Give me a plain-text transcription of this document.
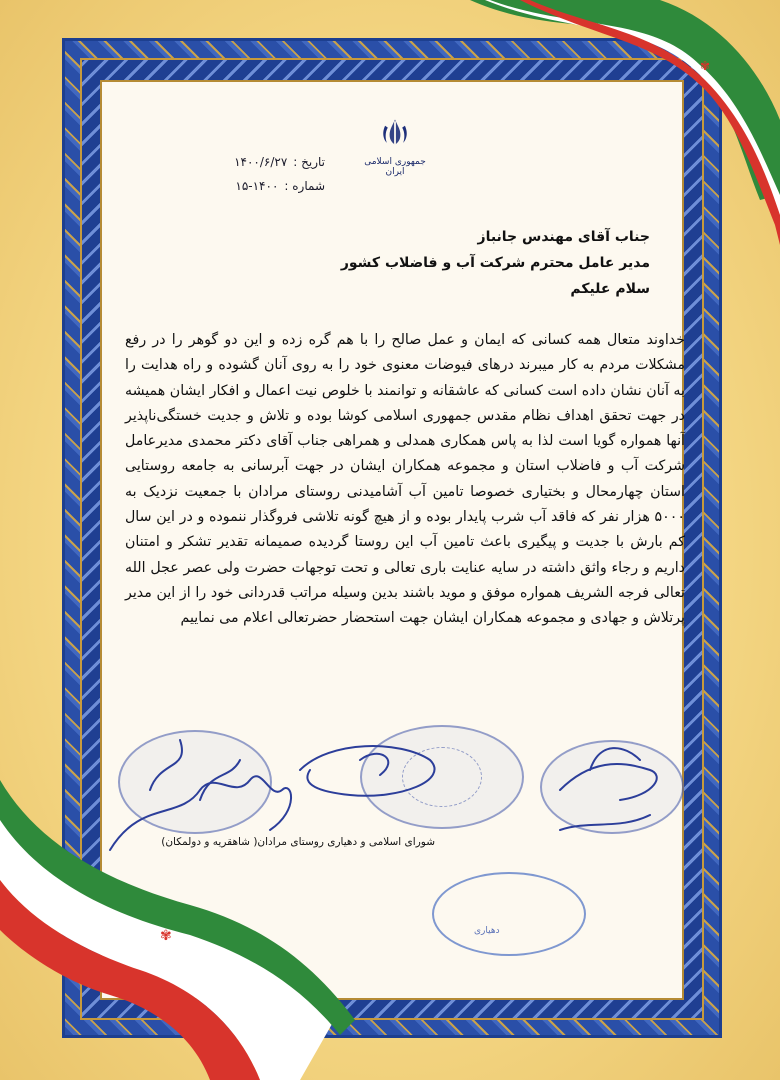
جمهوری اسلامی ایران
تاریخ :
۱۴۰۰/۶/۲۷
شماره :
۱۵-۱۴۰۰
جناب آقای مهندس جانباز
مدیر عامل محترم شرکت آب و فاضلاب کشور
سلام علیکم
خداوند متعال همه کسانی که ایمان و عمل صالح را با هم گره زده و این دو گوهر را در رفع مشکلات مردم به کار میبرند درهای فیوضات معنوی خود را به روی آنان گشوده و راه هدایت را به آنان نشان داده است کسانی که عاشقانه و توانمند با خلوص نیت اعمال و افکار ایشان همیشه در جهت تحقق اهداف نظام مقدس جمهوری اسلامی کوشا بوده و تلاش و جدیت خستگی‌ناپذیر آنها همواره گویا است لذا به پاس همکاری همدلی و همراهی جناب آقای دکتر محمدی مدیرعامل شرکت آب و فاضلاب استان و مجموعه همکاران ایشان در جهت آبرسانی به جامعه روستایی استان چهارمحال و بختیاری خصوصا تامین آب آشامیدنی روستای مرادان با جمعیت نزدیک به ۵۰۰۰ هزار نفر که فاقد آب شرب پایدار بوده و از هیچ گونه تلاشی فروگذار ننموده و در این سال کم بارش با جدیت و پیگیری باعث تامین آب این روستا گردیده صمیمانه تقدیر تشکر و امتنان داریم و رجاء واثق داشته در سایه عنایت باری تعالی و تحت توجهات حضرت ولی عصر عجل الله تعالی فرجه الشریف همواره موفق و موید باشند بدین وسیله مراتب قدردانی خود را از این مدیر پرتلاش و جهادی و مجموعه همکاران ایشان جهت استحضار حضرتعالی اعلام می نماییم
دهیاری
شورای اسلامی و دهیاری روستای مرادان( شاهقریه و دولمکان)
✾
✾
